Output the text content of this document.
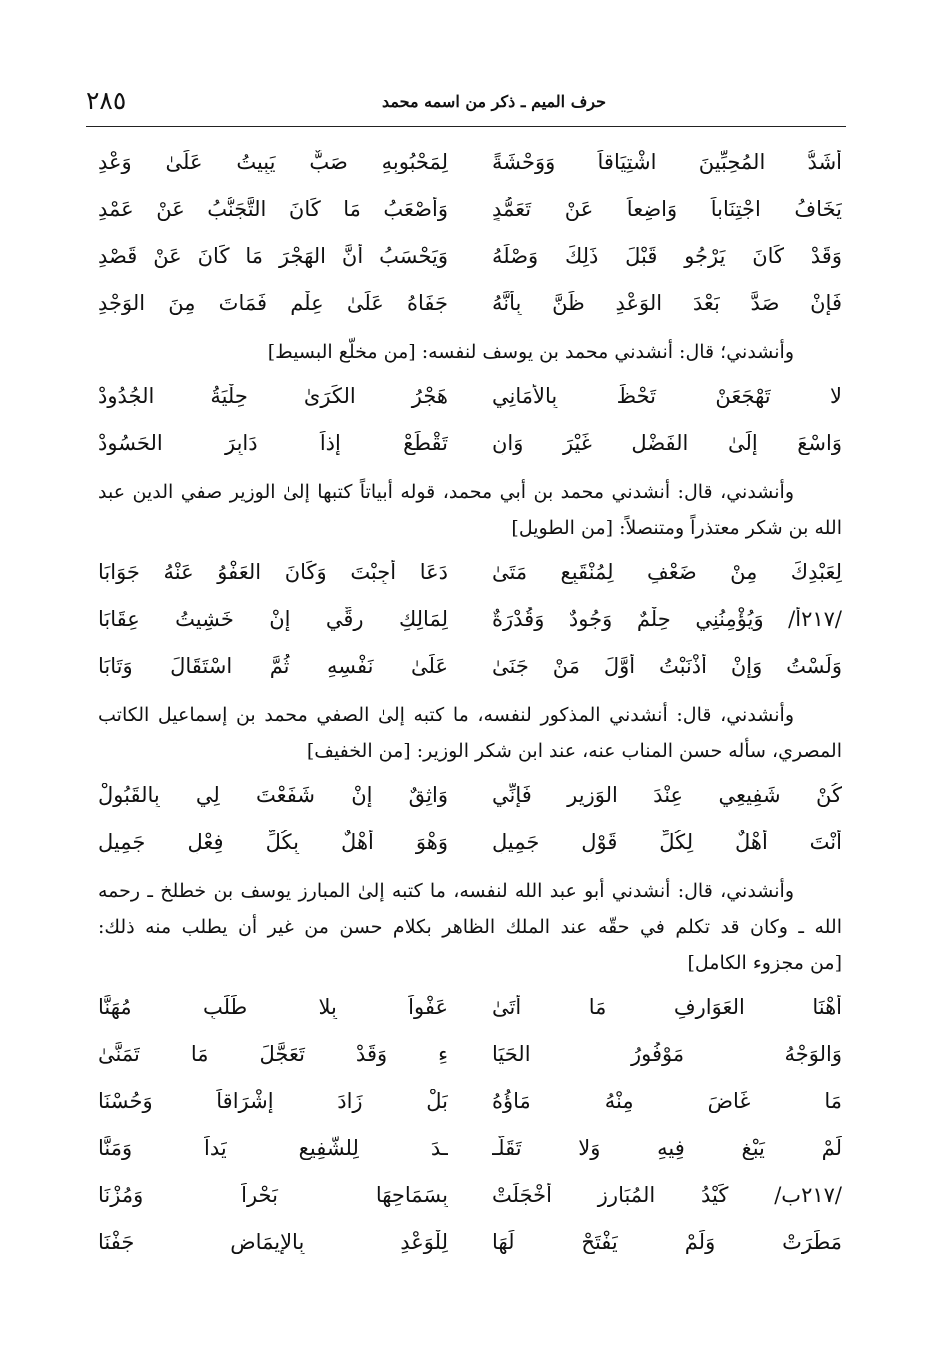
حرف الميم ـ ذكر من اسمه محمد
٢٨٥
أَشَدُّ المُحِبِّينَ اشْتِيَاقاً وَوَحْشَةً
لِمَحْبُوبِهِ صَبٌّ يَبِيتُ عَلَىٰ وَعْدِ
يَخَافُ اجْتِنَاباً وَاضِعاً عَنْ تَعَمُّدٍ
وَأَصْعَبُ مَا كَانَ التَّجَنُّبُ عَنْ عَمْدِ
وَقَدْ كَانَ يَرْجُو قَبْلَ ذَلِكَ وَصْلَهُ
وَيَحْسَبُ أَنَّ الهَجْرَ مَا كَانَ عَنْ قَصْدِ
فَإِنْ صَدَّ بَعْدَ الوَعْدِ ظَنَّ بِأَنَّهُ
جَفَاهُ عَلَىٰ عِلْمٍ فَمَاتَ مِنَ الوَجْدِ

وأنشدني؛ قال: أنشدني محمد بن يوسف لنفسه: [من مخلّع البسيط]

لا تَهْجَعَنْ تَحْظَ بِالأَمَانِي
هَجْرُ الكَرَىٰ حِلْيَةُ الجُدُودْ
وَاسْعَ إِلَىٰ الفَضْلِ غَيْرَ وَانٍ
تَقْطَعْ إِذاً دَابِرَ الحَسُودْ

وأنشدني، قال: أنشدني محمد بن أبي محمد، قوله أبياتاً كتبها إلىٰ الوزير صفي الدين عبد الله بن شكر معتذراً ومتنصلاً: [من الطويل]

لِعَبْدِكَ مِنْ ضَعْفٍ لِمُنْقَبِعٍ مَتَىٰ
دَعَا أُجِبْتَ وَكَانَ العَفْوُ عَنْهُ جَوَابَا
/٢١٧أ/ وَيُؤْمِنُنِي حِلْمٌ وَجُودٌ وَقُدْرَةٌ
لِمَالِكِ رِقِّي إِنْ خَشِيتُ عِقَابَا
وَلَسْتُ وَإِنْ أَذْنَبْتُ أَوَّلَ مَنْ جَنَىٰ
عَلَىٰ نَفْسِهِ ثُمَّ اسْتَقَالَ وَتَابَا

وأنشدني، قال: أنشدني المذكور لنفسه، ما كتبه إلىٰ الصفي محمد بن إسماعيل الكاتب المصري، سأله حسن المناب عنه، عند ابن شكر الوزير: [من الخفيف]

كُنْ شَفِيعِي عِنْدَ الوَزِيرِ فَإِنِّي
وَاثِقٌ إِنْ شَفَعْتَ لِي بِالقَبُولْ
أَنْتَ أَهْلٌ لِكُلِّ قَوْلٍ جَمِيلٍ
وَهْوَ أَهْلٌ بِكُلِّ فِعْلٍ جَمِيلِ

وأنشدني، قال: أنشدني أبو عبد الله لنفسه، ما كتبه إلىٰ المبارز يوسف بن خطلخ ـ رحمه الله ـ وكان قد تكلم في حقّه عند الملك الظاهر بكلام حسن من غير أن يطلب منه ذلك: [من مجزوء الكامل]

أَهْنَا العَوَارِفِ مَا أَتَىٰ
عَفْواً بِلا طَلَبٍ مُهَنَّا
وَالوَجْهُ مَوْفُورُ الحَيَا
ءِ وَقَدْ تَعَجَّلَ مَا تَمَنَّىٰ
مَا غَاضَ مِنْهُ مَاؤُهُ
بَلْ زَادَ إِشْرَاقاً وَحُسْنَا
لَمْ يَبْغِ فِيهِ وَلا تَقَلَّـ
ـدَ لِلشَّفِيعِ يَداً وَمَنَّا
/٢١٧ب/ كَيْدُ المُبَارِزِ أَخْجَلَتْ
بِسَمَاحِهَا بَحْراً وَمُزْنَا
مَطَرَتْ وَلَمْ يَفْتَحْ لَهَا
لِلْوَعْدِ بِالإِيمَاضِ جَفْنَا
